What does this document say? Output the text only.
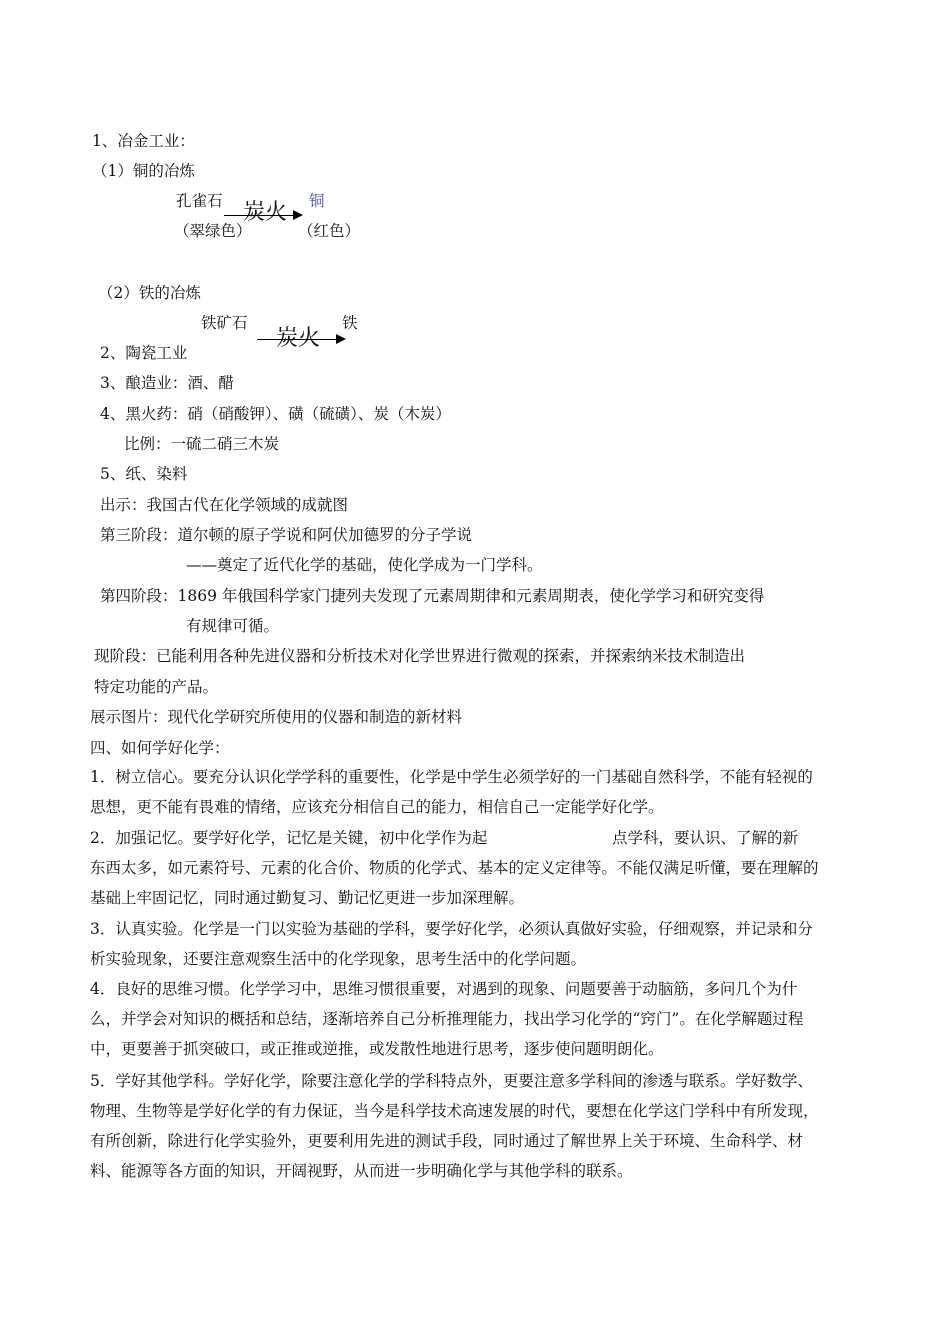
1、冶金工业：
（1）铜的冶炼
孔雀石 炭火 铜
（翠绿色）	（红色）
（2）铁的冶炼
铁矿石
炭火
铁
2、陶瓷工业
3、酿造业：酒、醋
4、黑火药：硝（硝酸钾）、磺（硫磺）、炭（木炭）
比例：一硫二硝三木炭
5、纸、染料
出示：我国古代在化学领域的成就图
第三阶段：道尔顿的原子学说和阿伏加德罗的分子学说
——奠定了近代化学的基础，使化学成为一门学科。
第四阶段：1869 年俄国科学家门捷列夫发现了元素周期律和元素周期表，使化学学习和研究变得
有规律可循。
现阶段：已能利用各种先进仪器和分析技术对化学世界进行微观的探索，并探索纳米技术制造出
特定功能的产品。
展示图片：现代化学研究所使用的仪器和制造的新材料
四、如何学好化学：
1．树立信心。要充分认识化学学科的重要性，化学是中学生必须学好的一门基础自然科学，不能有轻视的思想，更不能有畏难的情绪，应该充分相信自己的能力，相信自己一定能学好化学。
2．加强记忆。要学好化学，记忆是关键，初中化学作为起	点学科，要认识、了解的新
东西太多，如元素符号、元素的化合价、物质的化学式、基本的定义定律等。不能仅满足听懂，要在理解的基础上牢固记忆，同时通过勤复习、勤记忆更进一步加深理解。
3．认真实验。化学是一门以实验为基础的学科，要学好化学，必须认真做好实验，仔细观察，并记录和分析实验现象，还要注意观察生活中的化学现象，思考生活中的化学问题。
4．良好的思维习惯。化学学习中，思维习惯很重要，对遇到的现象、问题要善于动脑筋，多问几个为什么，并学会对知识的概括和总结，逐渐培养自己分析推理能力，找出学习化学的“窍门”。在化学解题过程中，更要善于抓突破口，或正推或逆推，或发散性地进行思考，逐步使问题明朗化。
5．学好其他学科。学好化学，除要注意化学的学科特点外，更要注意多学科间的渗透与联系。学好数学、物理、生物等是学好化学的有力保证，当今是科学技术高速发展的时代，要想在化学这门学科中有所发现，有所创新，除进行化学实验外，更要利用先进的测试手段，同时通过了解世界上关于环境、生命科学、材料、能源等各方面的知识，开阔视野，从而进一步明确化学与其他学科的联系。
